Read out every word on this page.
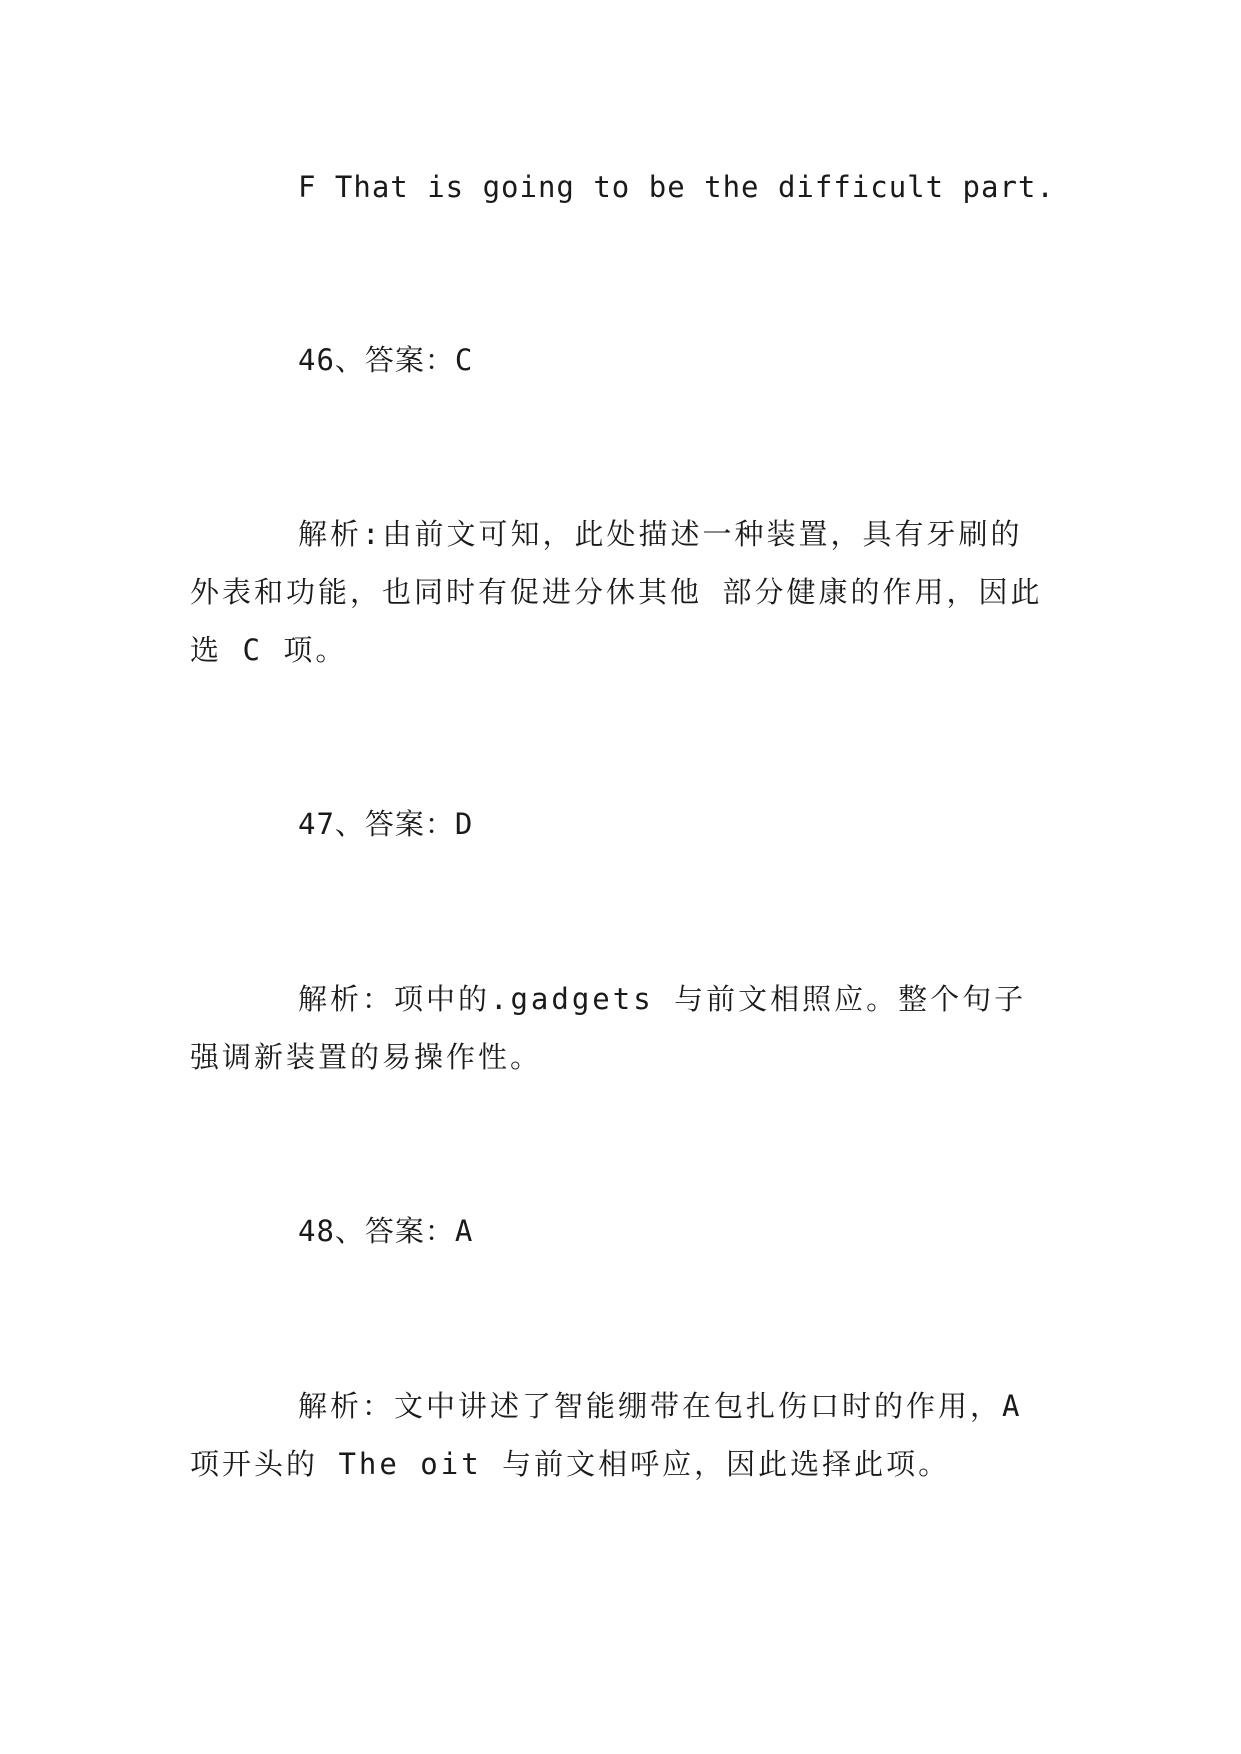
F That is going to be the difficult part.
46、答案：C
解析:由前文可知，此处描述一种装置，具有牙刷的外表和功能，也同时有促进分休其他 部分健康的作用，因此选 C 项。
47、答案：D
解析：项中的.gadgets 与前文相照应。整个句子强调新装置的易操作性。
48、答案：A
解析：文中讲述了智能绷带在包扎伤口时的作用，A 项开头的 The oit 与前文相呼应，因此选择此项。
